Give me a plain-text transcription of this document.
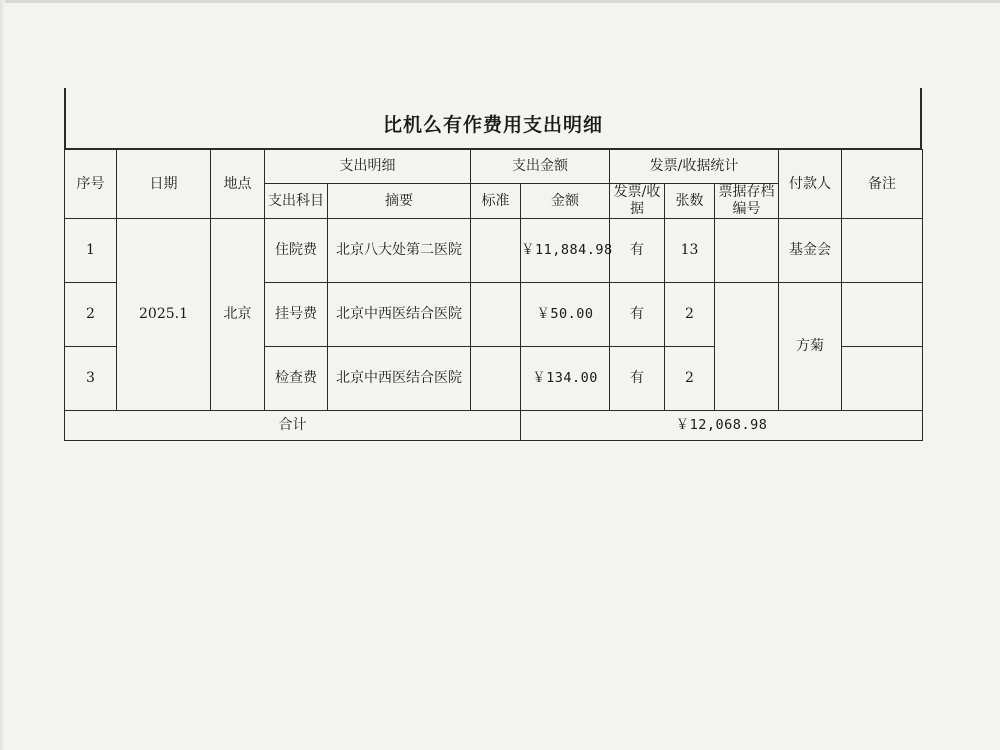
比机么有作费用支出明细
序号	日期	地点	支出明细		支出金额		发票/收据统计			付款人	备注
			支出科目	摘要	标准	金额	发票/收据	张数	票据存档编号		
1	2025.1	北京	住院费	北京八大处第二医院		￥11,884.98	有	13		基金会	
2			挂号费	北京中西医结合医院		￥50.00	有	2		方菊	
3			检查费	北京中西医结合医院		￥134.00	有	2			
合计						￥12,068.98					
